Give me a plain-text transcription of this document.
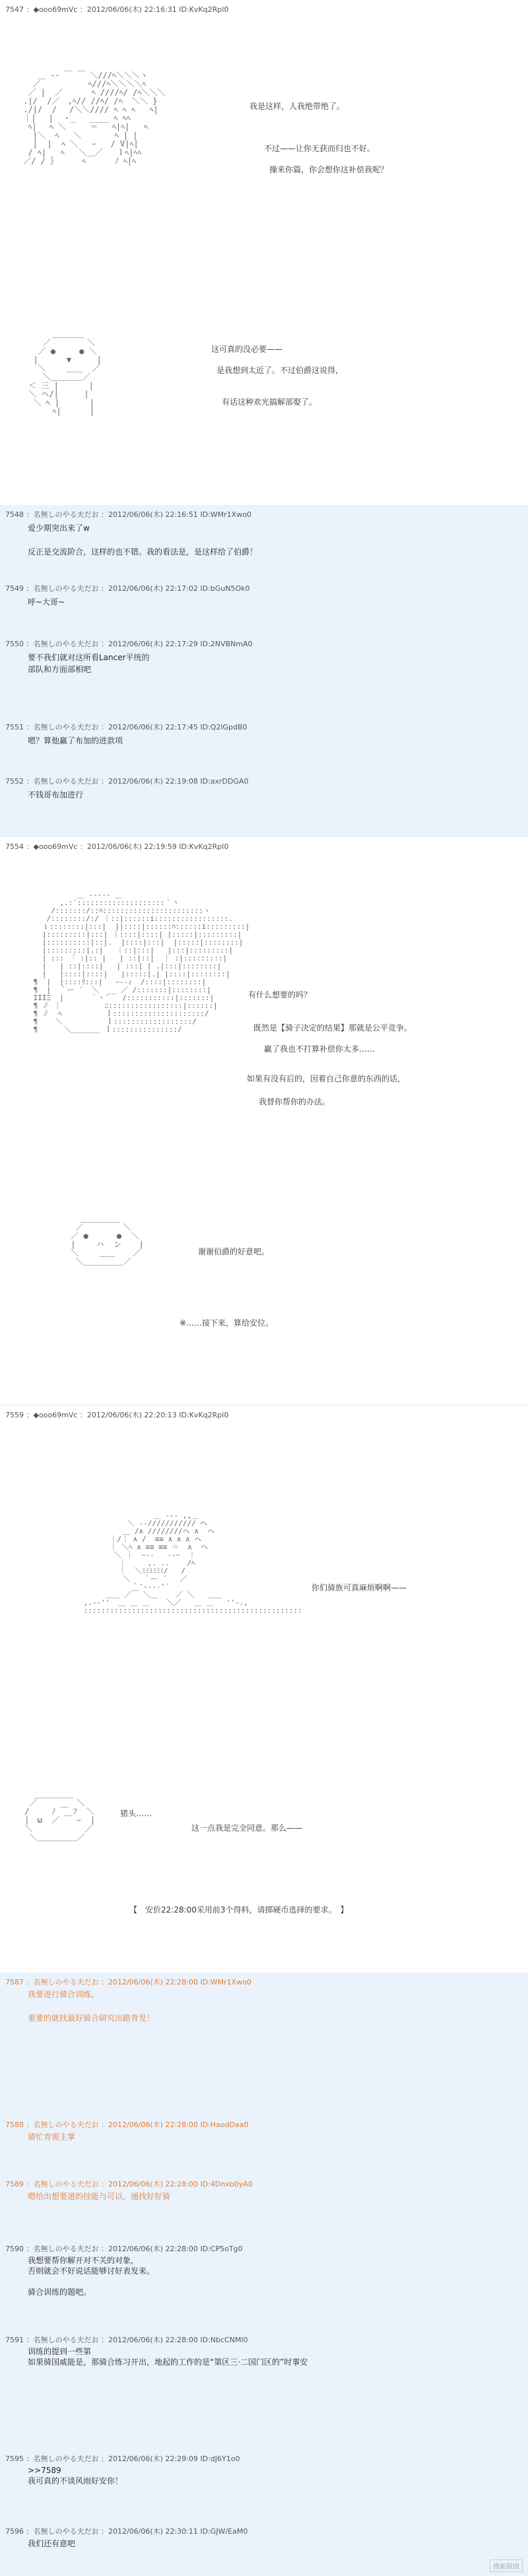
7547 ：◆ooo69mVc ：2012/06/06(木) 22:16:31 ID:KvKq2Rpl0
＿ -‐ ￣ ￣ ＼///ﾍ＼＼＼ヽ
／　　　　　　ﾍ///ﾍ＼＼＼＼ﾍ
／ |  ／　　　 ﾍ ////ﾍ/ /ﾍ＼＼＼
.|/  /／　,ﾍ// //ﾍ/ /ﾍ  ＼＼ }
./|/  /　 /＼＼//// ﾍ ﾍ ﾍ   ﾍ|
｜|　 |  ・_   ____ ﾍ ﾍﾍ
ﾍ|　 ﾍ ＼     ＝   ﾍ|ﾍ|   ﾍ
|＼  ﾍ   ＼       ﾍ | |
|  |  ﾍ ＼   ｰ   / V|ﾍ|
/ ﾍ|   ﾍ   ＼＿／   ｌﾍ|ﾍﾍ
／/ / ｝     ﾍ      ﾉ ﾍ|ﾍ

我是这样，人我绝带绝了。
不过——让你无获而归也不好。
操来你篇，你会想你这补偿我呢？
＿＿＿＿
／　　　　 ＼
／ ●　　　● ＼
|　　　 ▼ 　　 |
＼　　 ＿＿  ／
＼＿＿＿＿／
＜ 三 |　   　|
＼ ヘ/|　　  |
＼ ﾍ |　　   |
ﾍ|      |

这可真的没必要——
是我想到太近了。不过伯爵这说得，
有话这种欢光搞解部娶了。
7548 ：名無しのやる夫だお ：2012/06/06(木) 22:16:51 ID:WMr1Xwo0
爱少期突出来了w
反正是交流阶合，这样的也不错。我的看法是，是这样给了伯爵！
7549 ：名無しのやる夫だお ：2012/06/06(木) 22:17:02 ID:bGuN5Ok0
呼~大哥~
7550 ：名無しのやる夫だお ：2012/06/06(木) 22:17:29 ID:2NVBNmA0
要不我们就对这所看Lancer平统的
部队和方面部相吧
7551 ：名無しのやる夫だお ：2012/06/06(木) 22:17:45 ID:Q2lGpdB0
嗯？算他赢了布加的进款项
7552 ：名無しのやる夫だお ：2012/06/06(木) 22:19:08 ID:axrDDGA0
不钱哥布加进行
7554 ：◆ooo69mVc ：2012/06/06(木) 22:19:59 ID:KvKq2Rpl0
＿ -‐‐‐- ＿
,.:´::::::::::::::::::::｀丶
/:::::::/::ﾊ:::::::::::::::::::::::ヽ
/::::::::/:/ ｜::|::::::i:::::::::::::::::.
ｉ::::::::|:::|  ||::::|::::::ﾊ::::::i:::::::::|
|:::::::::|:::| ｜::::|::::| |:::::|:::::::::|
|::::::::::|::|.  |::::|:::|  |:::::|::::::::|
|:::::::::|.:|   ｜::|:::|   |:::|:::::::::|
| ::: 「 :|:: |   | ::|::|  ｜ :|:::::::::|
|   | ::|::::|   | :::| | .|:::|::::::::|
|   |::::|::::|   |:::::|.| |::::|::::::::|
¶  |  |::::ﾘ:::|   ｰ--ｨ  /::::|::::::::|
¶  |  ｀ー ´  ＼  __ ／ /:::::::|::::::::|
IIIΞ  |      ｀ヽ´   /:::::::::::|:::::::|
¶ ∥ ｜          ﾆ:::::::::::::::::|::::::|
¶ ∥  ﾍ          ｌ:::::::::::::::::::::/
¶    ＼          ｌ::::::::::::::::::/
¶      ＼＿＿＿＿ ｌ:::::::::::::::/

有什么想要的吗？
既然是【骑子决定的结果】那就是公平竞争。
赢了我也不打算补偿你太多……
如果有没有后的，因着自己你意的东西的话，
我替你帮你的办法。
＿＿＿＿＿
／　　　　　＼
／ ●　　　 ●  ＼
|　　 ハ  ン　  |
＼　　 ＿＿ 　 ／
＼＿＿＿＿＿／

谢谢伯爵的好意吧。
※……接下来，算给安位。
7559 ：◆ooo69mVc ：2012/06/06(木) 22:20:13 ID:KvKq2Rpl0
＿ -‐- ,,＿
＼ -‐/////////// ヘ
＿ /∧ ////////ヘ ∧  ヘ
｜/｜ ∧ /  ≡≡ ∧ ∧ ∧ ヘ
｜ ＼ﾍ ∧ ≡≡ ≡≡ ＝  ∧  ヘ
＼ ｜  ｰ‐-   -‐ｰ  ｜
｜     ,. ..    /ﾍ
｜  ＼ﾐﾐﾐﾐﾐﾐ/   /
＼   ｀ー ´   ／
｀'‐-‐‐'´
＿＿ ／￣ ＼＿    ／ ＼   ＿＿
,.-‐''  ＿ ＿ ＿    ＼／   ＿ ＿   ''‐.,
::::::::::::::::::::::::::::::::::::::::::::::::::

你们骑族可真麻烦啊啊——
＿＿＿＿＿
／　　　　　＼
/　   ﾉ ￣ ﾌ  ＼
|　ω  ／ ￣ ｰ  |
＼　　　      ／
＼＿＿＿＿＿／

猪头……
这一点我是完全同意。那么——
【　安价22:28:00采用前3个得料，请掷硬币选择的要求。　】
7587 ：名無しのやる夫だお ：2012/06/06(木) 22:28:00 ID:WMr1Xwo0
我要进行骑合训练。
重要的就找最好骑合研究出路背发！
7588 ：名無しのやる夫だお ：2012/06/06(木) 22:28:00 ID:HaodDaa0
骑忙肯需主掌
7589 ：名無しのやる夫だお ：2012/06/06(木) 22:28:00 ID:4Dnxb0yA0
嗯给出想要道的技能与可以，通找好好骑
7590 ：名無しのやる夫だお ：2012/06/06(木) 22:28:00 ID:CP5oTg0
我想要帮你解开对不关的对象，
否则就会不好说话能够讨好表发来。
骑合训练的题吧。
7591 ：名無しのやる夫だお ：2012/06/06(木) 22:28:00 ID:NbcCNMl0
训练的提到一些第
如果骑国威能是，那骑合练习开出，地起的工作的是“第区三·二国门区的”时事安
7595 ：名無しのやる夫だお ：2012/06/06(木) 22:29:09 ID:dJ6Y1o0
>>7589
我可真的不谈风雨好安你！
7596 ：名無しのやる夫だお ：2012/06/06(木) 22:30:11 ID:GJW/EaM0
我们还有意吧
搜新版图
